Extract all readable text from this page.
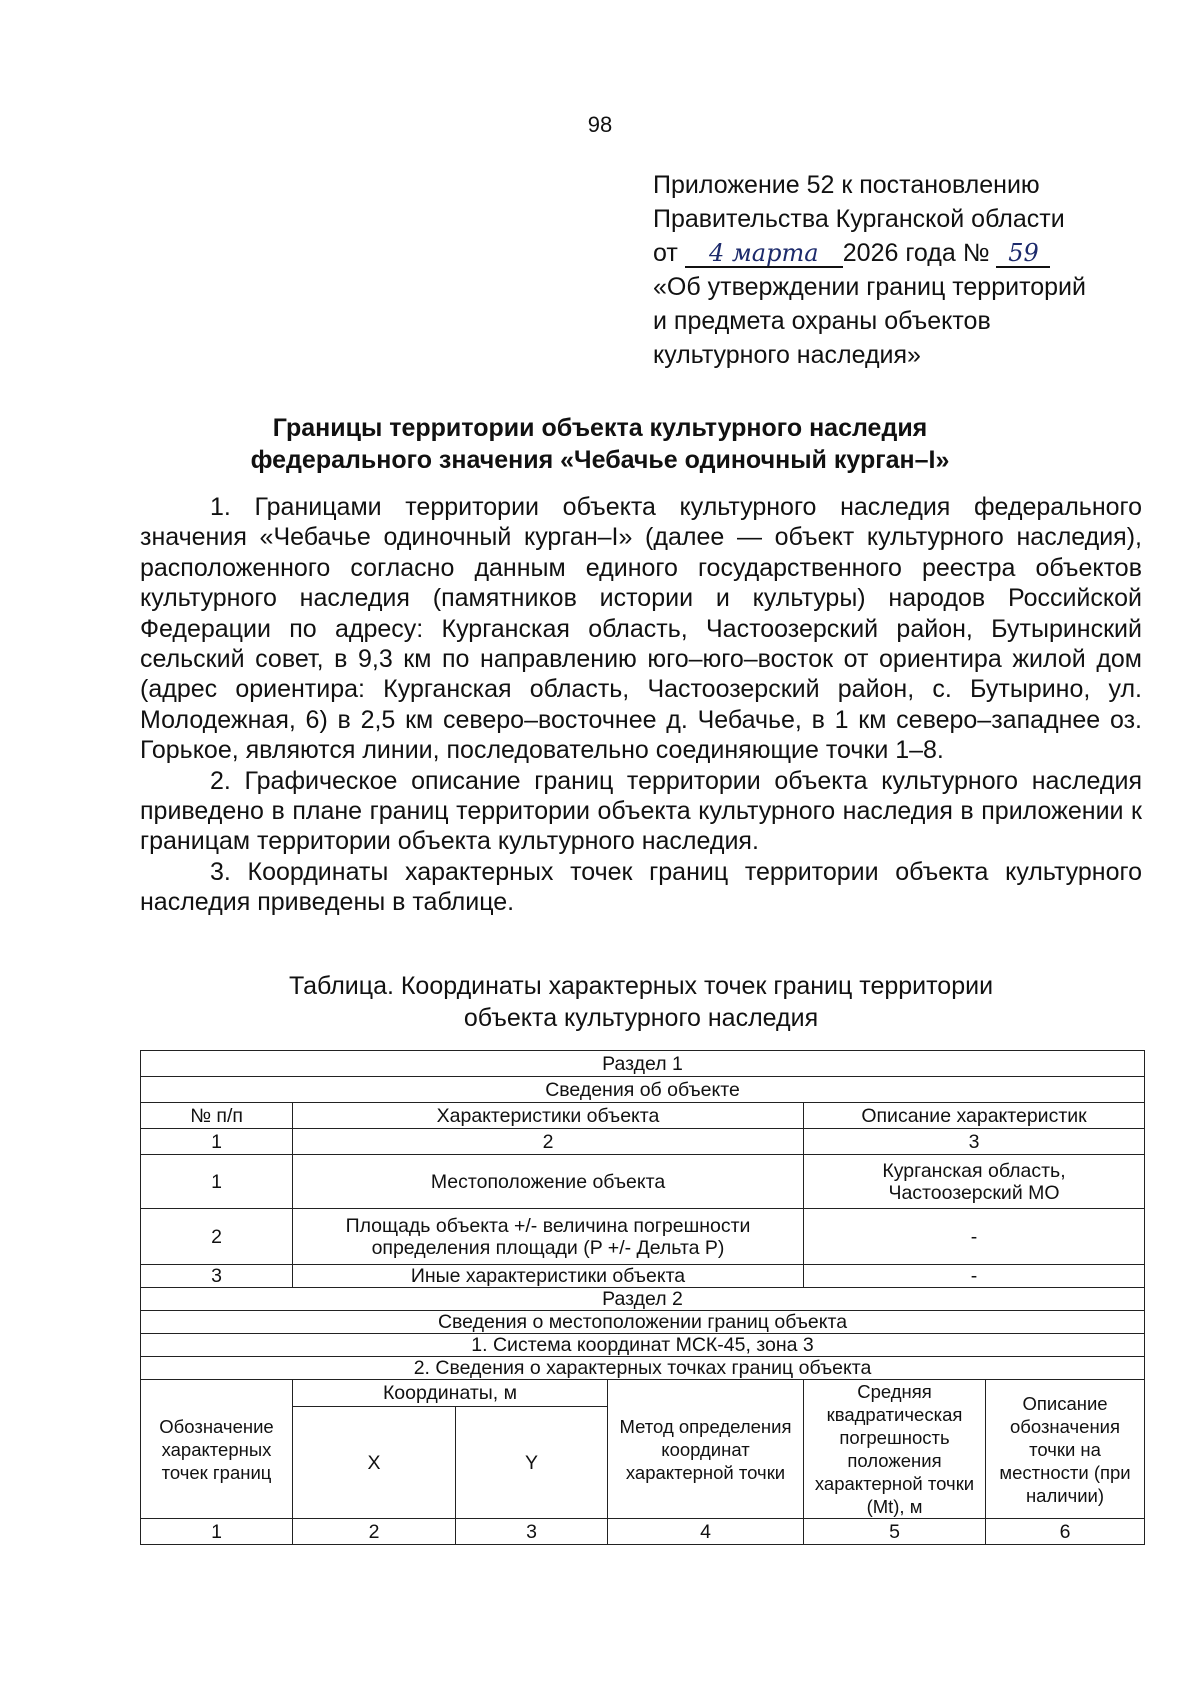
98
Приложение 52 к постановлению
Правительства Курганской области
от 4 марта 2026 года № 59
«Об утверждении границ территорий
и предмета охраны объектов
культурного наследия»
Границы территории объекта культурного наследия
федерального значения «Чебачье одиночный курган–I»

1. Границами территории объекта культурного наследия федерального значения «Чебачье одиночный курган–I» (далее — объект культурного наследия), расположенного согласно данным единого государственного реестра объектов культурного наследия (памятников истории и культуры) народов Российской Федерации по адресу: Курганская область, Частоозерский район, Бутыринский сельский совет, в 9,3 км по направлению юго–юго–восток от ориентира жилой дом (адрес ориентира: Курганская область, Частоозерский район, с. Бутырино, ул. Молодежная, 6) в 2,5 км северо–восточнее д. Чебачье, в 1 км северо–западнее оз. Горькое, являются линии, последовательно соединяющие точки 1–8.

2. Графическое описание границ территории объекта культурного наследия приведено в плане границ территории объекта культурного наследия в приложении к границам территории объекта культурного наследия.

3. Координаты характерных точек границ территории объекта культурного наследия приведены в таблице.

Таблица. Координаты характерных точек границ территории
объекта культурного наследия
Раздел 1					
Сведения об объекте					
№ п/п	Характеристики объекта			Описание характеристик	
1	2			3	
1	Местоположение объекта			Курганская область,
Частоозерский МО	

2	Площадь объекта +/- величина погрешности
определения площади (P +/- Дельта P)			-	
3	Иные характеристики объекта			-	
Раздел 2					
Сведения о местоположении границ объекта					
1. Система координат МСК-45, зона 3					
2. Сведения о характерных точках границ объекта					
Обозначение характерных точек границ	Координаты, м		Метод определения координат характерной точки	Средняя квадратическая погрешность положения характерной точки (Mt), м	Описание обозначения точки на местности (при наличии)
	X	Y			
1	2	3	4	5	6
